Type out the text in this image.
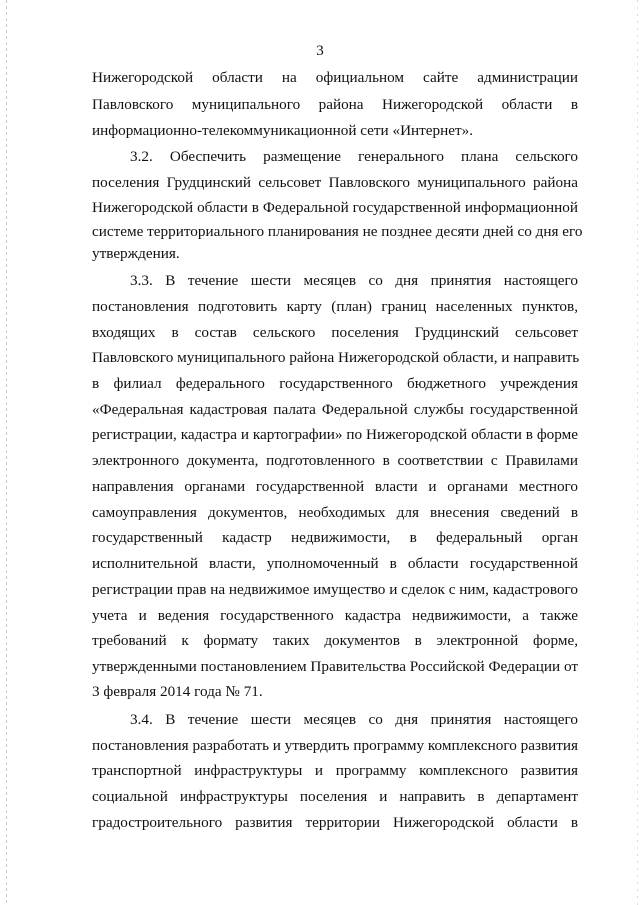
3

Нижегородской области на официальном сайте администрации

Павловского муниципального района Нижегородской области в

информационно-телекоммуникационной сети «Интернет».

3.2. Обеспечить размещение генерального плана сельского

поселения Грудцинский сельсовет Павловского муниципального района

Нижегородской области в Федеральной государственной информационной

системе территориального планирования не позднее десяти дней со дня его

утверждения.

3.3. В течение шести месяцев со дня принятия настоящего

постановления подготовить карту (план) границ населенных пунктов,

входящих в состав сельского поселения Грудцинский сельсовет

Павловского муниципального района Нижегородской области, и направить

в филиал федерального государственного бюджетного учреждения

«Федеральная кадастровая палата Федеральной службы государственной

регистрации, кадастра и картографии» по Нижегородской области в форме

электронного документа, подготовленного в соответствии с Правилами

направления органами государственной власти и органами местного

самоуправления документов, необходимых для внесения сведений в

государственный кадастр недвижимости, в федеральный орган

исполнительной власти, уполномоченный в области государственной

регистрации прав на недвижимое имущество и сделок с ним, кадастрового

учета и ведения государственного кадастра недвижимости, а также

требований к формату таких документов в электронной форме,

утвержденными постановлением Правительства Российской Федерации от

3 февраля 2014 года № 71.

3.4. В течение шести месяцев со дня принятия настоящего

постановления разработать и утвердить программу комплексного развития

транспортной инфраструктуры и программу комплексного развития

социальной инфраструктуры поселения и направить в департамент

градостроительного развития территории Нижегородской области в
